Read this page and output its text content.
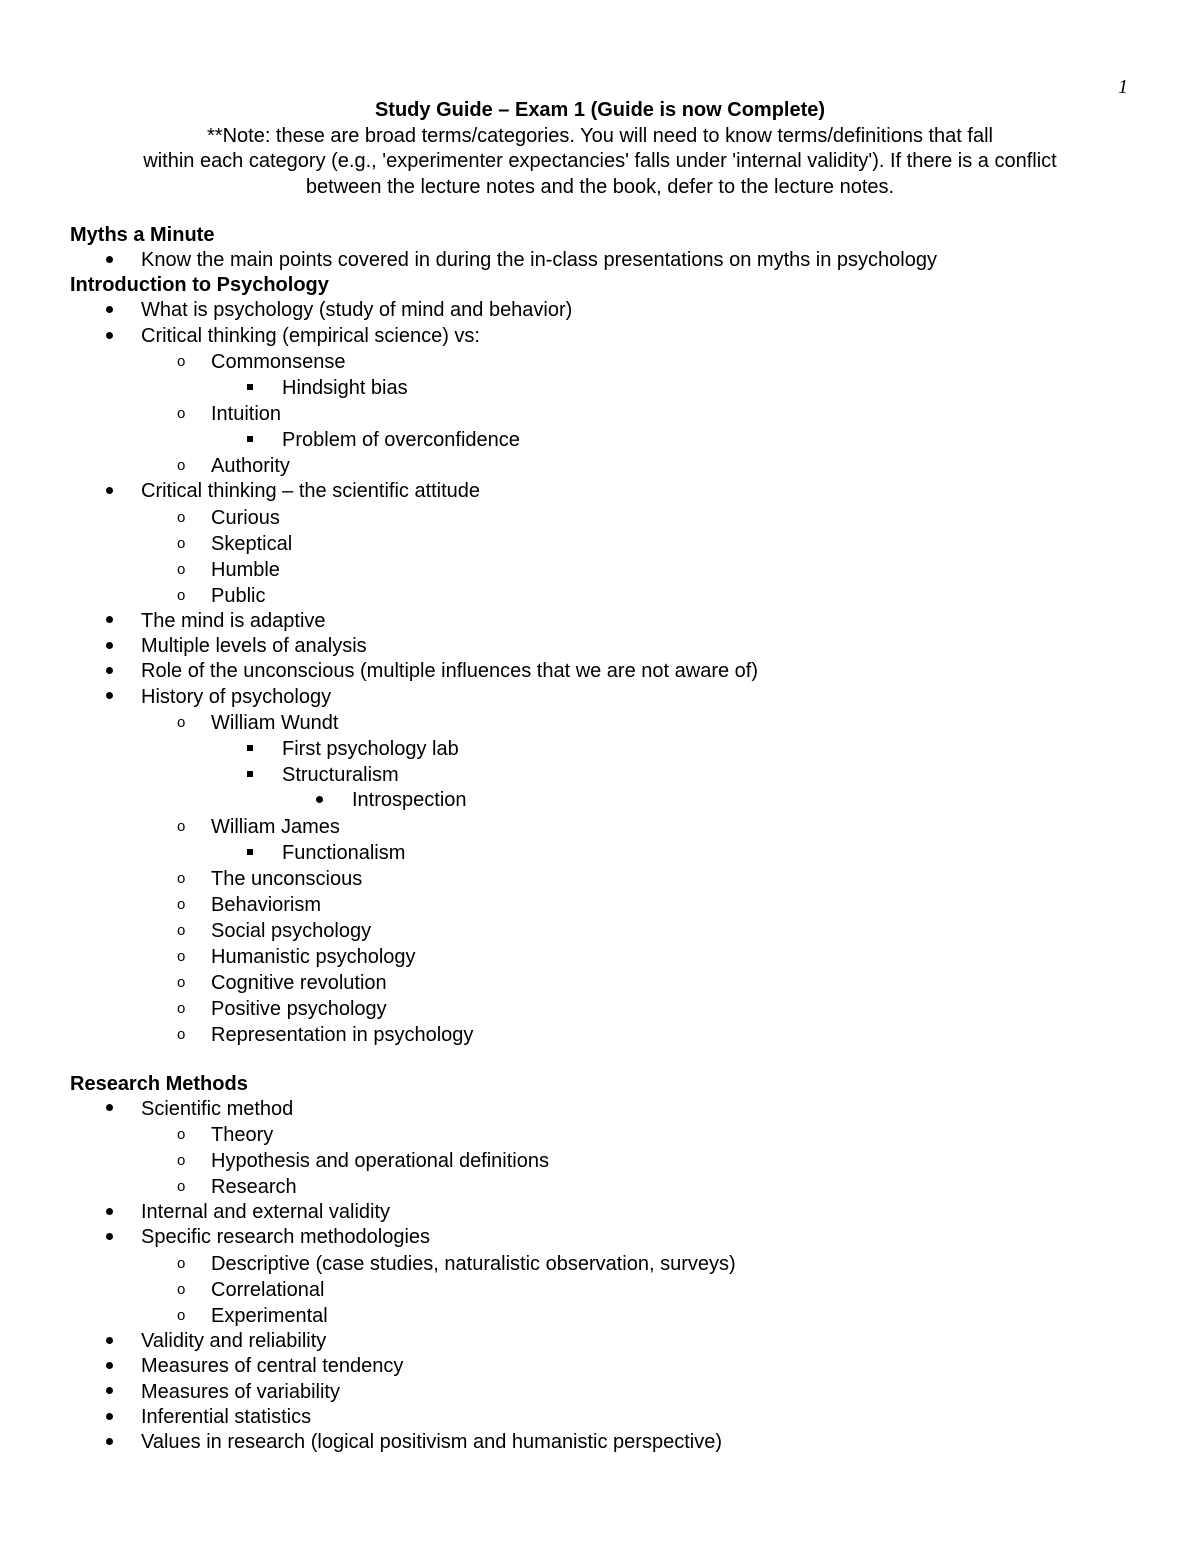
1
Study Guide – Exam 1 (Guide is now Complete)
**Note: these are broad terms/categories. You will need to know terms/definitions that fall
within each category (e.g., 'experimenter expectancies' falls under 'internal validity'). If there is a conflict
between the lecture notes and the book, defer to the lecture notes.
Myths a Minute
Know the main points covered in during the in-class presentations on myths in psychology
Introduction to Psychology
What is psychology (study of mind and behavior)
Critical thinking (empirical science) vs:
o Commonsense
Hindsight bias
o Intuition
Problem of overconfidence
o Authority
Critical thinking – the scientific attitude
o Curious
o Skeptical
o Humble
o Public
The mind is adaptive
Multiple levels of analysis
Role of the unconscious (multiple influences that we are not aware of)
History of psychology
o William Wundt
First psychology lab
Structuralism
Introspection
o William James
Functionalism
o The unconscious
o Behaviorism
o Social psychology
o Humanistic psychology
o Cognitive revolution
o Positive psychology
o Representation in psychology
Research Methods
Scientific method
o Theory
o Hypothesis and operational definitions
o Research
Internal and external validity
Specific research methodologies
o Descriptive (case studies, naturalistic observation, surveys)
o Correlational
o Experimental
Validity and reliability
Measures of central tendency
Measures of variability
Inferential statistics
Values in research (logical positivism and humanistic perspective)
